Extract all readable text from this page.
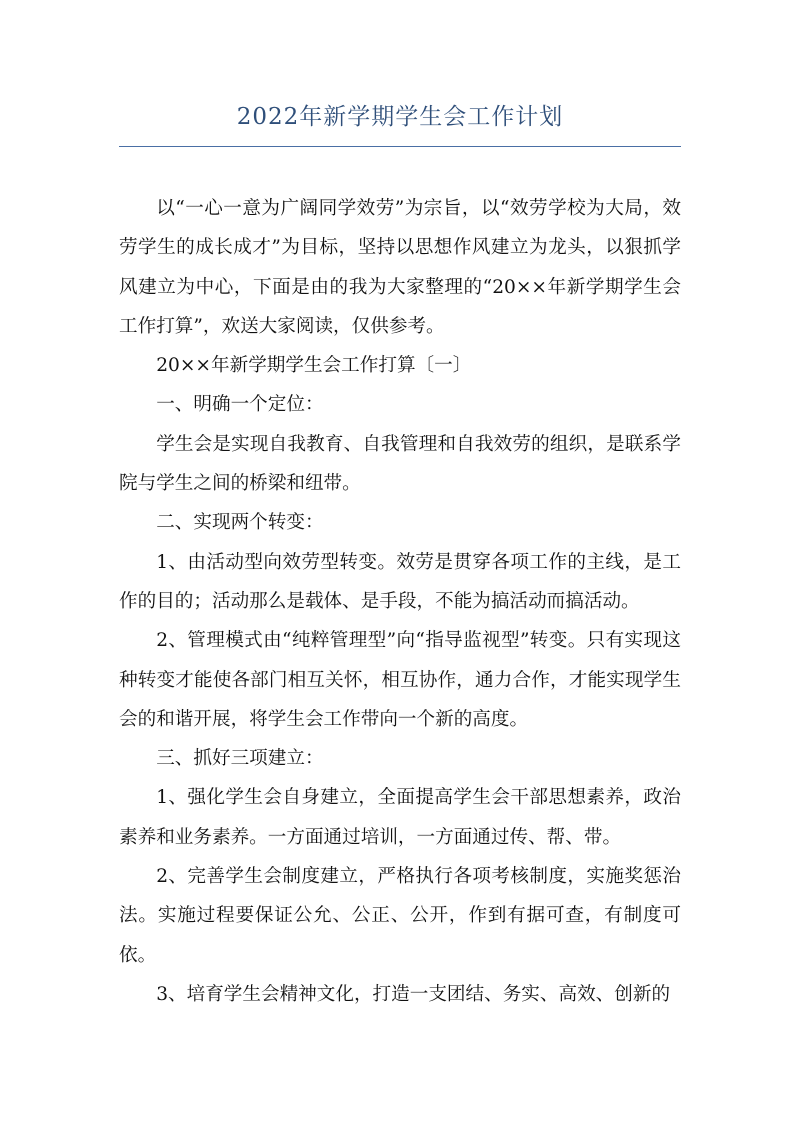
2022年新学期学生会工作计划

以“一心一意为广阔同学效劳”为宗旨，以“效劳学校为大局，效劳学生的成长成才”为目标，坚持以思想作风建立为龙头，以狠抓学风建立为中心，下面是由的我为大家整理的“20××年新学期学生会工作打算”，欢送大家阅读，仅供参考。

20××年新学期学生会工作打算〔一〕

一、明确一个定位：

学生会是实现自我教育、自我管理和自我效劳的组织，是联系学院与学生之间的桥梁和纽带。

二、实现两个转变：

1、由活动型向效劳型转变。效劳是贯穿各项工作的主线，是工作的目的；活动那么是载体、是手段，不能为搞活动而搞活动。

2、管理模式由“纯粹管理型”向“指导监视型”转变。只有实现这种转变才能使各部门相互关怀，相互协作，通力合作，才能实现学生会的和谐开展，将学生会工作带向一个新的高度。

三、抓好三项建立：

1、强化学生会自身建立，全面提高学生会干部思想素养，政治素养和业务素养。一方面通过培训，一方面通过传、帮、带。

2、完善学生会制度建立，严格执行各项考核制度，实施奖惩治法。实施过程要保证公允、公正、公开，作到有据可查，有制度可依。

3、培育学生会精神文化，打造一支团结、务实、高效、创新的
